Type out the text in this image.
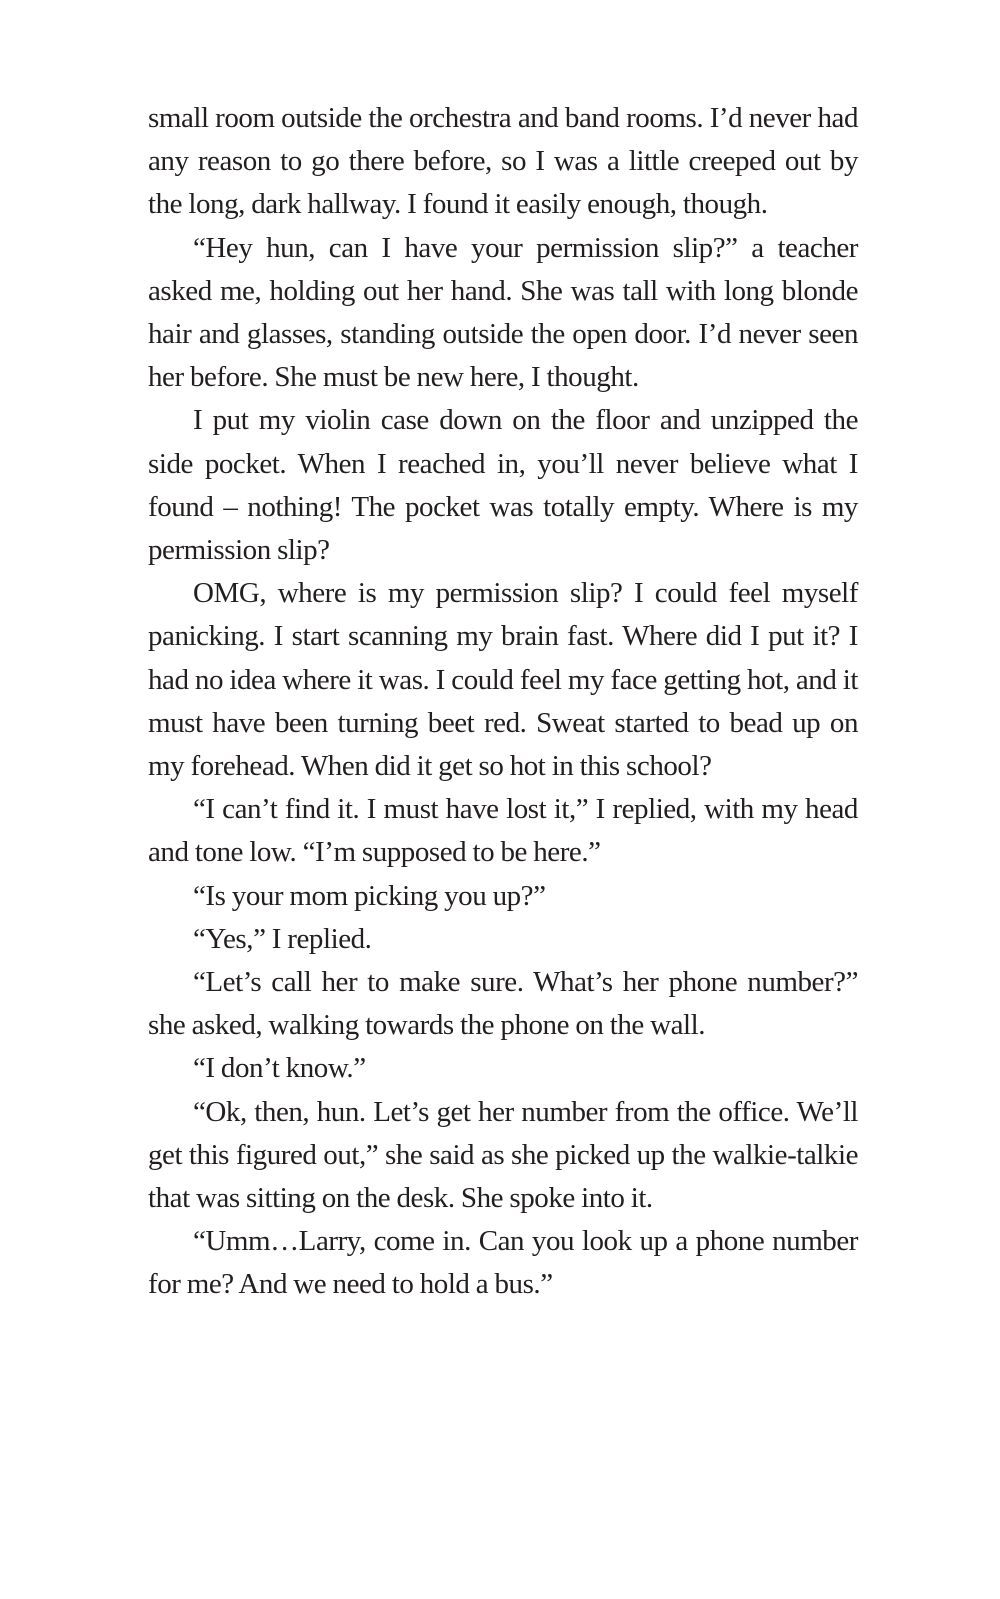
small room outside the orchestra and band rooms. I’d never had any reason to go there before, so I was a little creeped out by the long, dark hallway. I found it easily enough, though.

“Hey hun, can I have your permission slip?” a teacher asked me, holding out her hand. She was tall with long blonde hair and glasses, standing outside the open door. I’d never seen her before. She must be new here, I thought.

I put my violin case down on the floor and unzipped the side pocket. When I reached in, you’ll never believe what I found – nothing! The pocket was totally empty. Where is my permission slip?

OMG, where is my permission slip? I could feel myself panicking. I start scanning my brain fast. Where did I put it? I had no idea where it was. I could feel my face getting hot, and it must have been turning beet red. Sweat started to bead up on my forehead. When did it get so hot in this school?

“I can’t find it. I must have lost it,” I replied, with my head and tone low. “I’m supposed to be here.”

“Is your mom picking you up?”

“Yes,” I replied.

“Let’s call her to make sure. What’s her phone number?” she asked, walking towards the phone on the wall.

“I don’t know.”

“Ok, then, hun. Let’s get her number from the office. We’ll get this figured out,” she said as she picked up the walkie-talkie that was sitting on the desk. She spoke into it.

“Umm…Larry, come in. Can you look up a phone number for me? And we need to hold a bus.”
